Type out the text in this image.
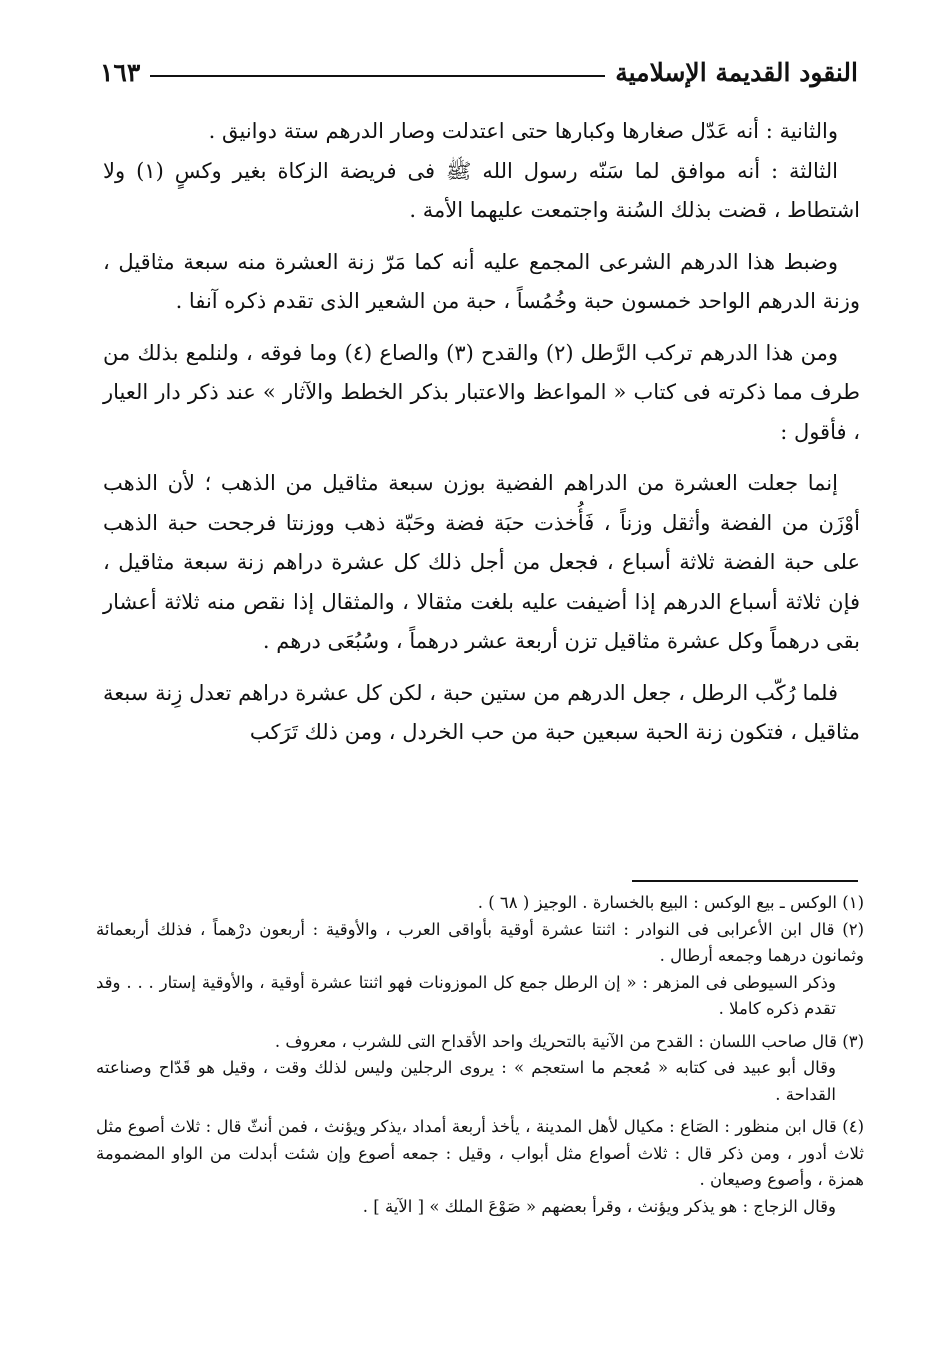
النقود القديمة الإسلامية
١٦٣

والثانية : أنه عَدّل صغارها وكبارها حتى اعتدلت وصار الدرهم ستة دوانيق .

الثالثة : أنه موافق لما سَنّه رسول الله ﷺ فى فريضة الزكاة بغير وكسٍ (١) ولا اشتطاط ، قضت بذلك السُنة واجتمعت عليهما الأمة .

وضبط هذا الدرهم الشرعى المجمع عليه أنه كما مَرّ زنة العشرة منه سبعة مثاقيل ، وزنة الدرهم الواحد خمسون حبة وخُمُساً ، حبة من الشعير الذى تقدم ذكره آنفا .

ومن هذا الدرهم تركب الرَّطل (٢) والقدح (٣) والصاع (٤) وما فوقه ، ولنلمع بذلك من طرف مما ذكرته فى كتاب « المواعظ والاعتبار بذكر الخطط والآثار » عند ذكر دار العيار ، فأقول :

إنما جعلت العشرة من الدراهم الفضية بوزن سبعة مثاقيل من الذهب ؛ لأن الذهب أوْزَن من الفضة وأثقل وزناً ، فَأُخذت حبَة فضة وحَبّة ذهب ووزنتا فرجحت حبة الذهب على حبة الفضة ثلاثة أسباع ، فجعل من أجل ذلك كل عشرة دراهم زنة سبعة مثاقيل ، فإن ثلاثة أسباع الدرهم إذا أضيفت عليه بلغت مثقالا ، والمثقال إذا نقص منه ثلاثة أعشار بقى درهماً وكل عشرة مثاقيل تزن أربعة عشر درهماً ، وسُبُعَى درهم .

فلما رُكّب الرطل ، جعل الدرهم من ستين حبة ، لكن كل عشرة دراهم تعدل زِنة سبعة مثاقيل ، فتكون زنة الحبة سبعين حبة من حب الخردل ، ومن ذلك تَرَكب

(١) الوكس ـ بيع الوكس : البيع بالخسارة . الوجيز ( ٦٨ ) .

(٢) قال ابن الأعرابى فى النوادر : اثنتا عشرة أوقية بأواقى العرب ، والأوقية : أربعون درْهماً ، فذلك أربعمائة وثمانون درهما وجمعه أرطال .

وذكر السيوطى فى المزهر : « إن الرطل جمع كل الموزونات فهو اثنتا عشرة أوقية ، والأوقية إستار . . . وقد تقدم ذكره كاملا .

(٣) قال صاحب اللسان : القدح من الآنية بالتحريك واحد الأقداح التى للشرب ، معروف .

وقال أبو عبيد فى كتابه « مُعجم ما استعجم » : يروى الرجلين وليس لذلك وقت ، وقيل هو قَدّاح وصناعته القداحة .

(٤) قال ابن منظور : الصَاع : مكيال لأهل المدينة ، يأخذ أربعة أمداد ،يذكر ويؤنث ، فمن أنثّ قال : ثلاث أصوع مثل ثلاث أدور ، ومن ذكر قال : ثلاث أصواع مثل أبواب ، وقيل : جمعه أصوع وإن شئت أبدلت من الواو المضمومة همزة ، وأصوع وصيعان .

وقال الزجاج : هو يذكر ويؤنث ، وقرأ بعضهم « صَوْعَ الملك » [ الآية ] .
